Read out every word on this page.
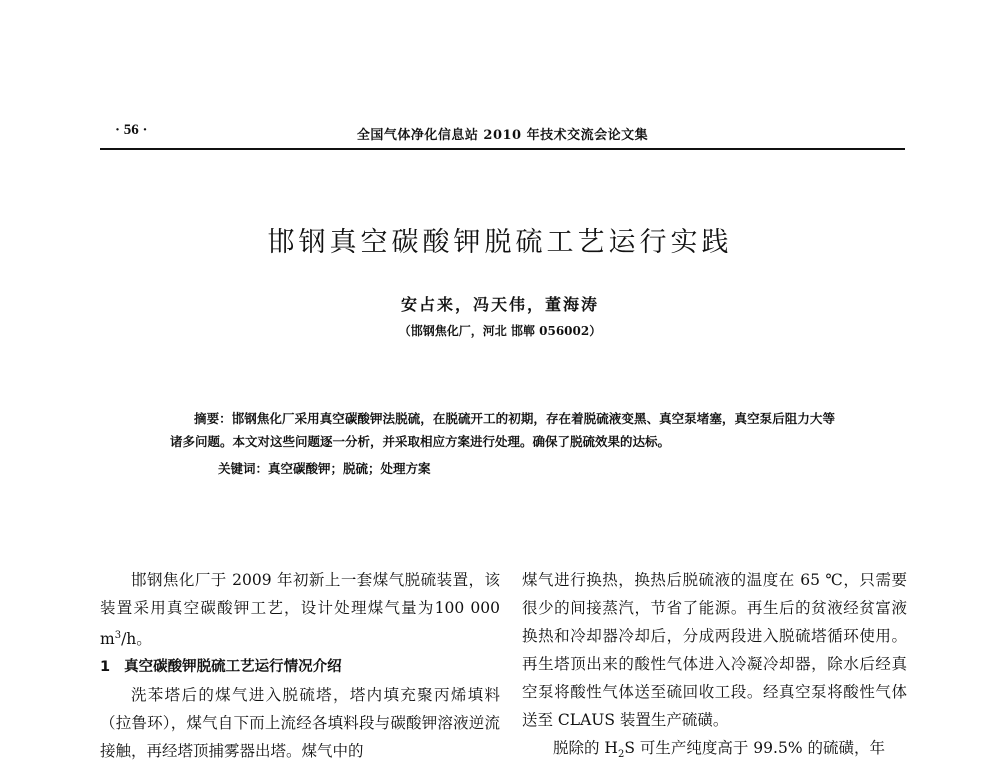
· 56 ·	全国气体净化信息站 2010 年技术交流会论文集
邯钢真空碳酸钾脱硫工艺运行实践
安占来，冯天伟，董海涛
（邯钢焦化厂，河北 邯郸 056002）

摘要：邯钢焦化厂采用真空碳酸钾法脱硫，在脱硫开工的初期，存在着脱硫液变黑、真空泵堵塞，真空泵后阻力大等诸多问题。本文对这些问题逐一分析，并采取相应方案进行处理。确保了脱硫效果的达标。

关键词：真空碳酸钾；脱硫；处理方案

邯钢焦化厂于 2009 年初新上一套煤气脱硫装置，该装置采用真空碳酸钾工艺，设计处理煤气量为100 000 $m^3/h$。

1 真空碳酸钾脱硫工艺运行情况介绍

洗苯塔后的煤气进入脱硫塔，塔内填充聚丙烯填料（拉鲁环），煤气自下而上流经各填料段与碳酸钾溶液逆流接触，再经塔顶捕雾器出塔。煤气中的

煤气进行换热，换热后脱硫液的温度在 65 ℃，只需要很少的间接蒸汽，节省了能源。再生后的贫液经贫富液换热和冷却器冷却后，分成两段进入脱硫塔循环使用。再生塔顶出来的酸性气体进入冷凝冷却器，除水后经真空泵将酸性气体送至硫回收工段。经真空泵将酸性气体送至 CLAUS 装置生产硫磺。

脱除的 $H_2S$ 可生产纯度高于 99.5% 的硫磺，年
